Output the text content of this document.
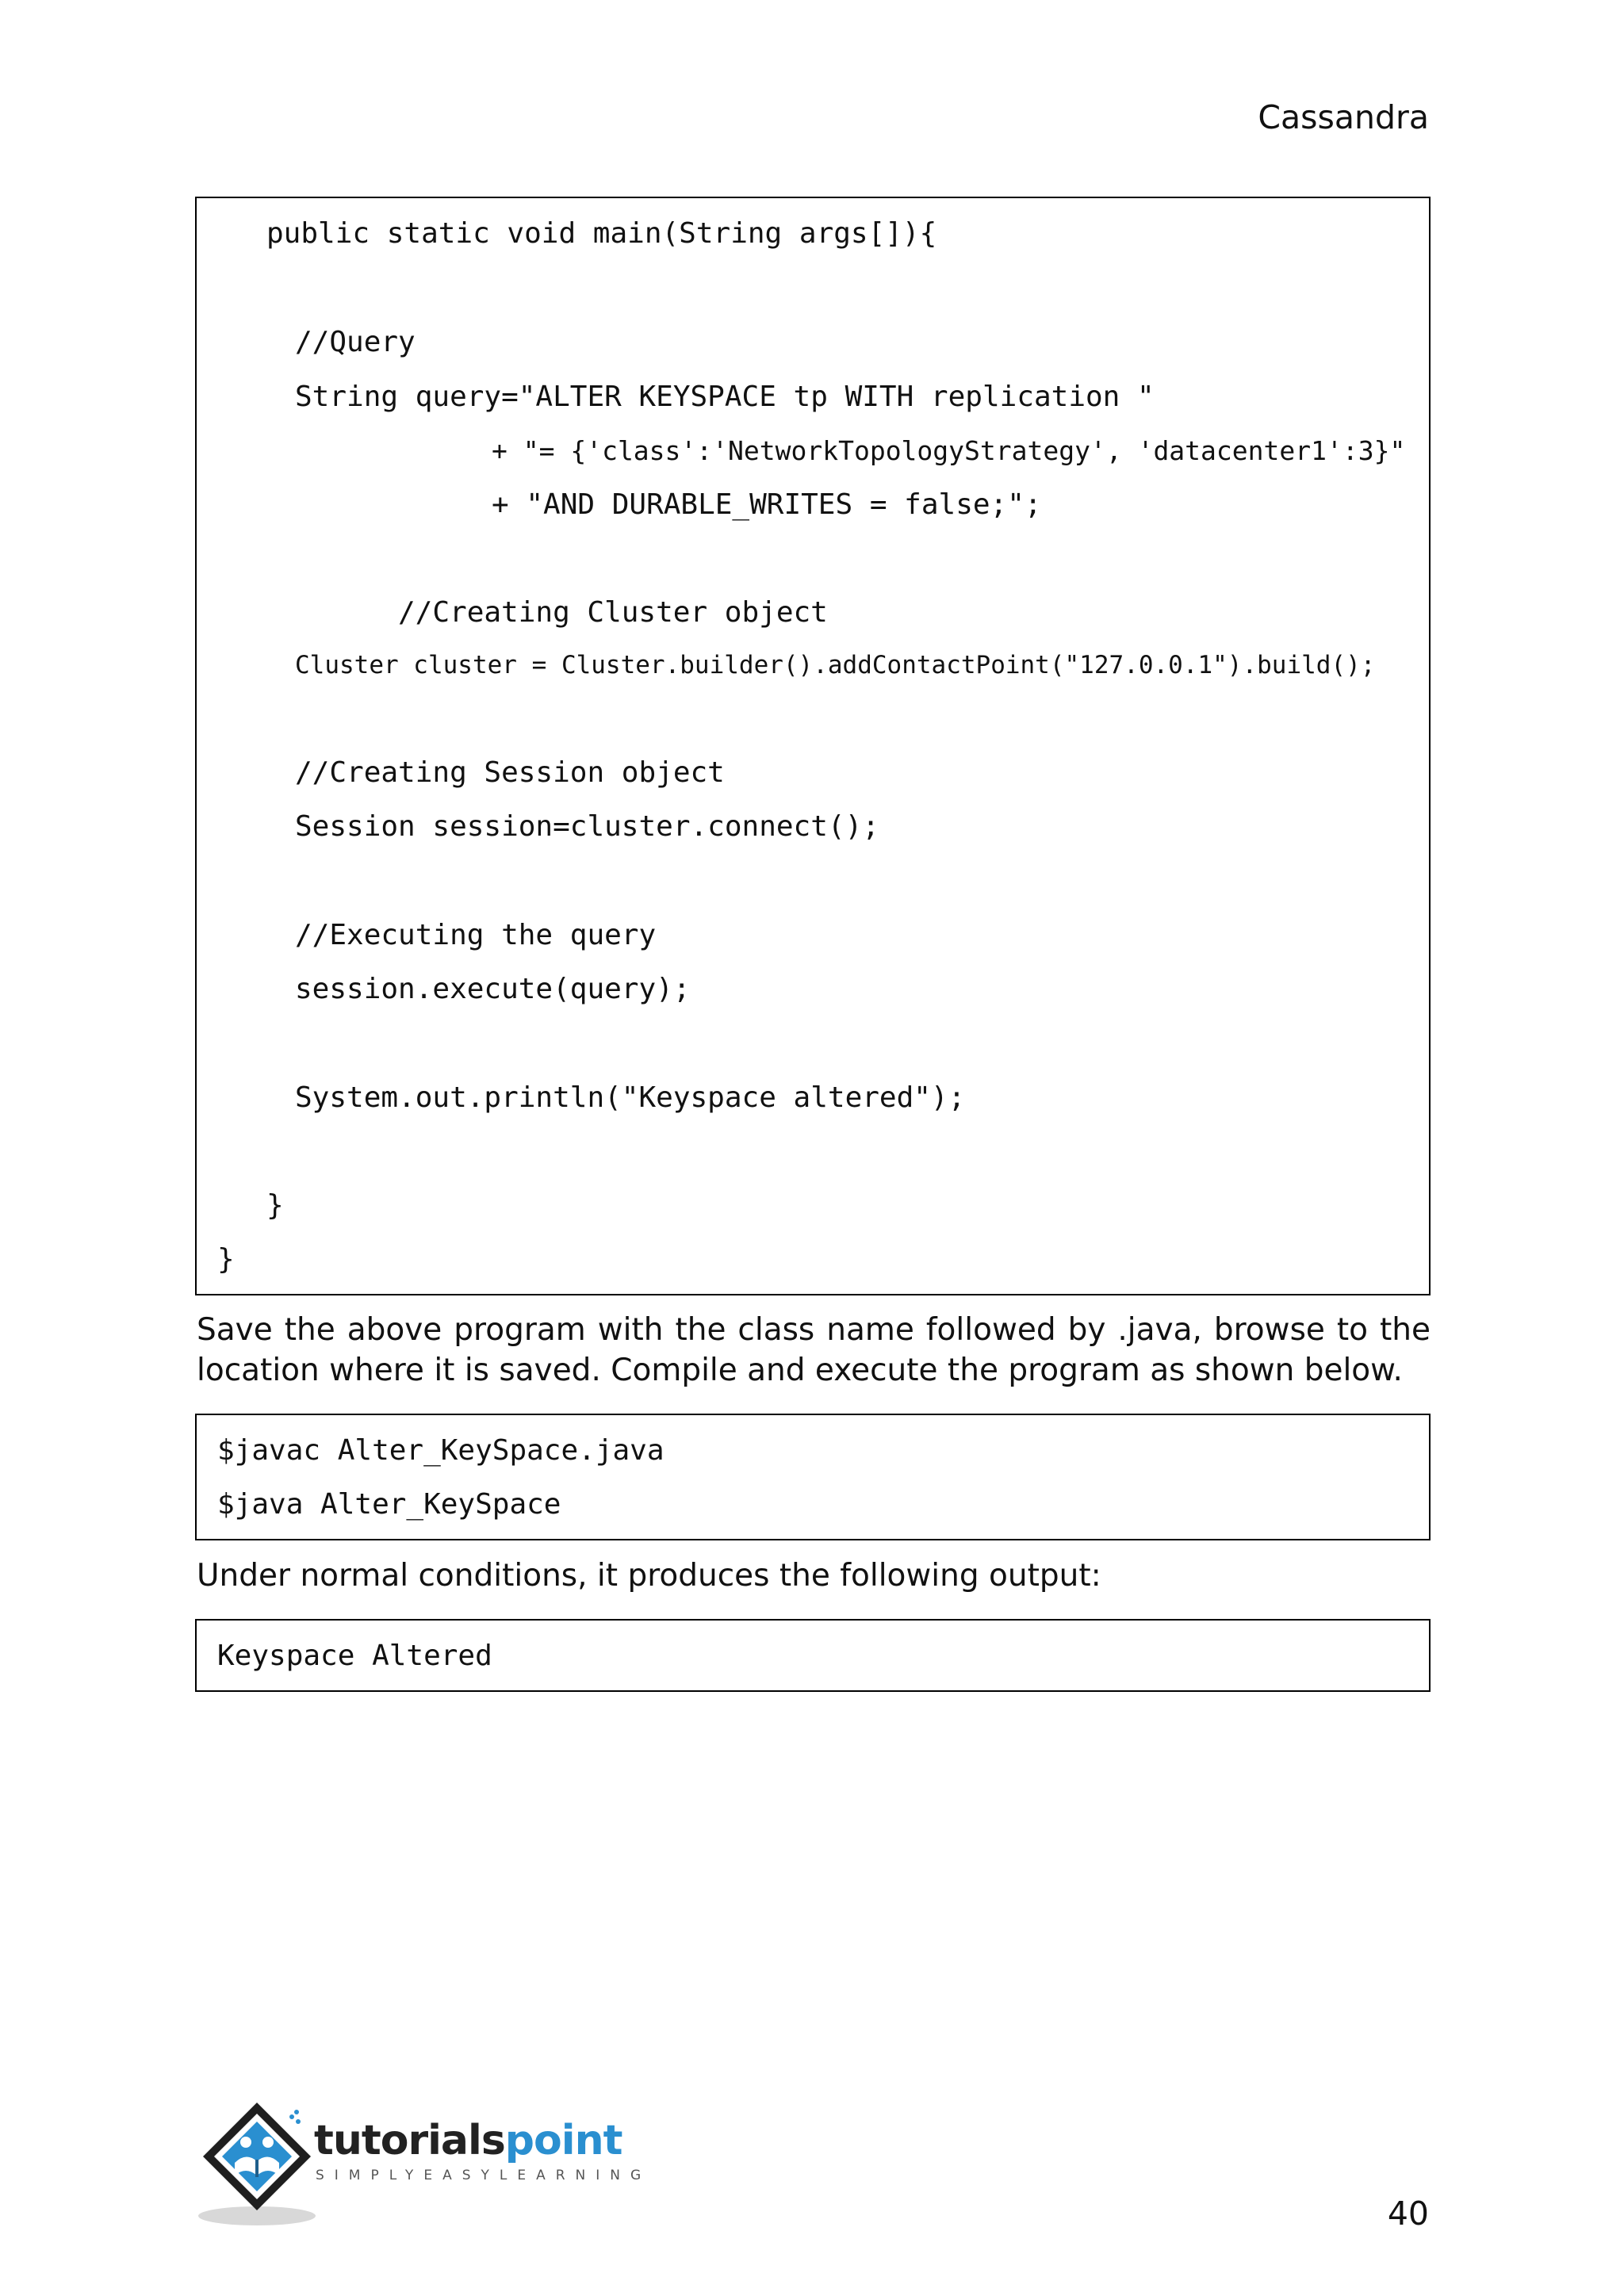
Cassandra
public static void main(String args[]){
//Query
String query="ALTER KEYSPACE tp WITH replication "
+ "= {'class':'NetworkTopologyStrategy', 'datacenter1':3}"
+ "AND DURABLE_WRITES = false;";
//Creating Cluster object
Cluster cluster = Cluster.builder().addContactPoint("127.0.0.1").build();
//Creating Session object
Session session=cluster.connect();
//Executing the query
session.execute(query);
System.out.println("Keyspace altered");
}
}
Save the above program with the class name followed by .java, browse to the location where it is saved. Compile and execute the program as shown below.
$javac Alter_KeySpace.java
$java Alter_KeySpace
Under normal conditions, it produces the following output:
Keyspace Altered
tutorialspoint
SIMPLYEASYLEARNING
40
